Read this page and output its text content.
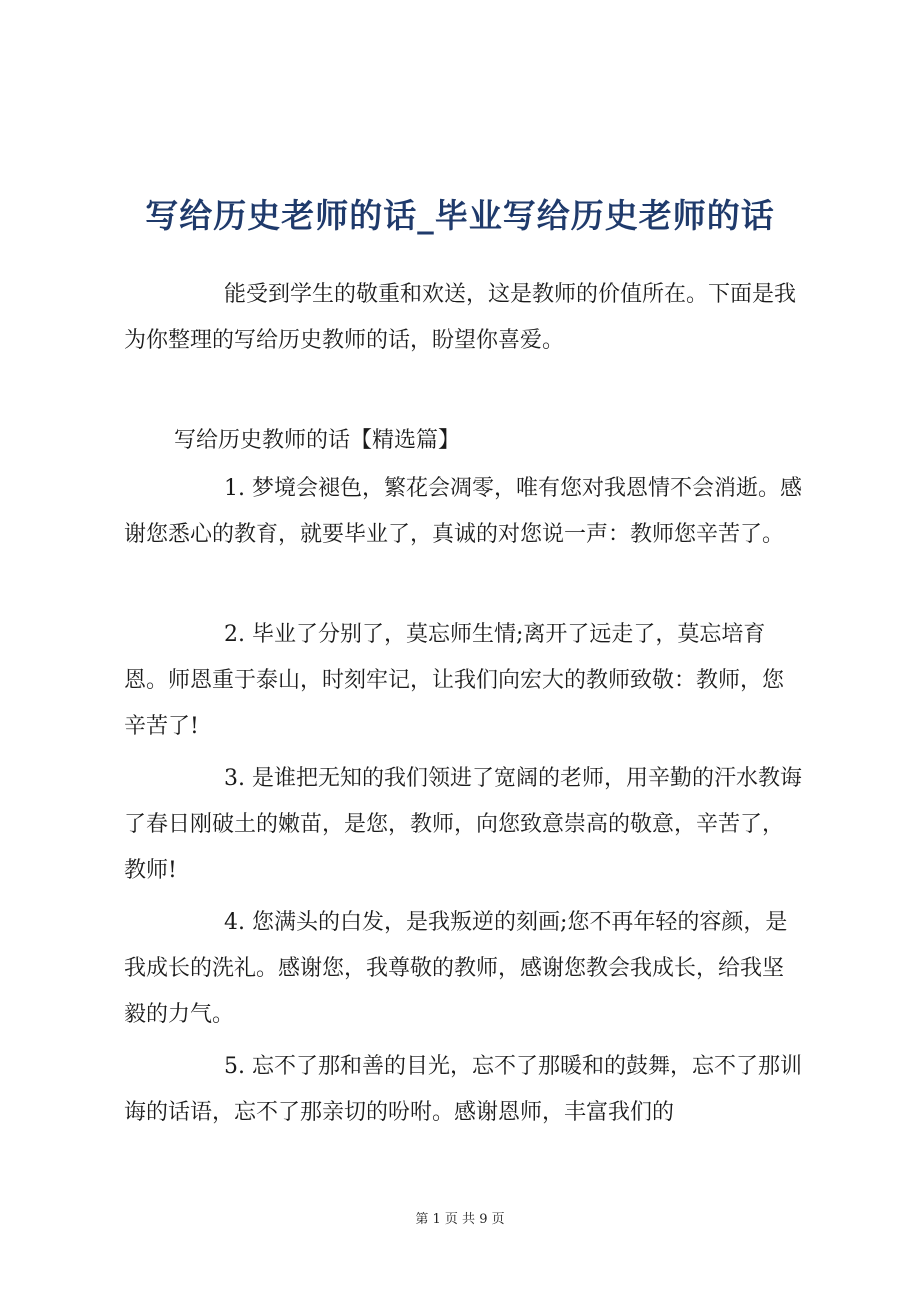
写给历史老师的话_毕业写给历史老师的话

能受到学生的敬重和欢送，这是教师的价值所在。下面是我为你整理的写给历史教师的话，盼望你喜爱。

写给历史教师的话【精选篇】

1. 梦境会褪色，繁花会凋零，唯有您对我恩情不会消逝。感谢您悉心的教育，就要毕业了，真诚的对您说一声：教师您辛苦了。

2. 毕业了分别了，莫忘师生情;离开了远走了，莫忘培育恩。师恩重于泰山，时刻牢记，让我们向宏大的教师致敬：教师，您辛苦了!

3. 是谁把无知的我们领进了宽阔的老师，用辛勤的汗水教诲了春日刚破土的嫩苗，是您，教师，向您致意崇高的敬意，辛苦了，教师!

4. 您满头的白发，是我叛逆的刻画;您不再年轻的容颜，是我成长的洗礼。感谢您，我尊敬的教师，感谢您教会我成长，给我坚毅的力气。

5. 忘不了那和善的目光，忘不了那暖和的鼓舞，忘不了那训诲的话语，忘不了那亲切的吩咐。感谢恩师，丰富我们的

第 1 页 共 9 页
